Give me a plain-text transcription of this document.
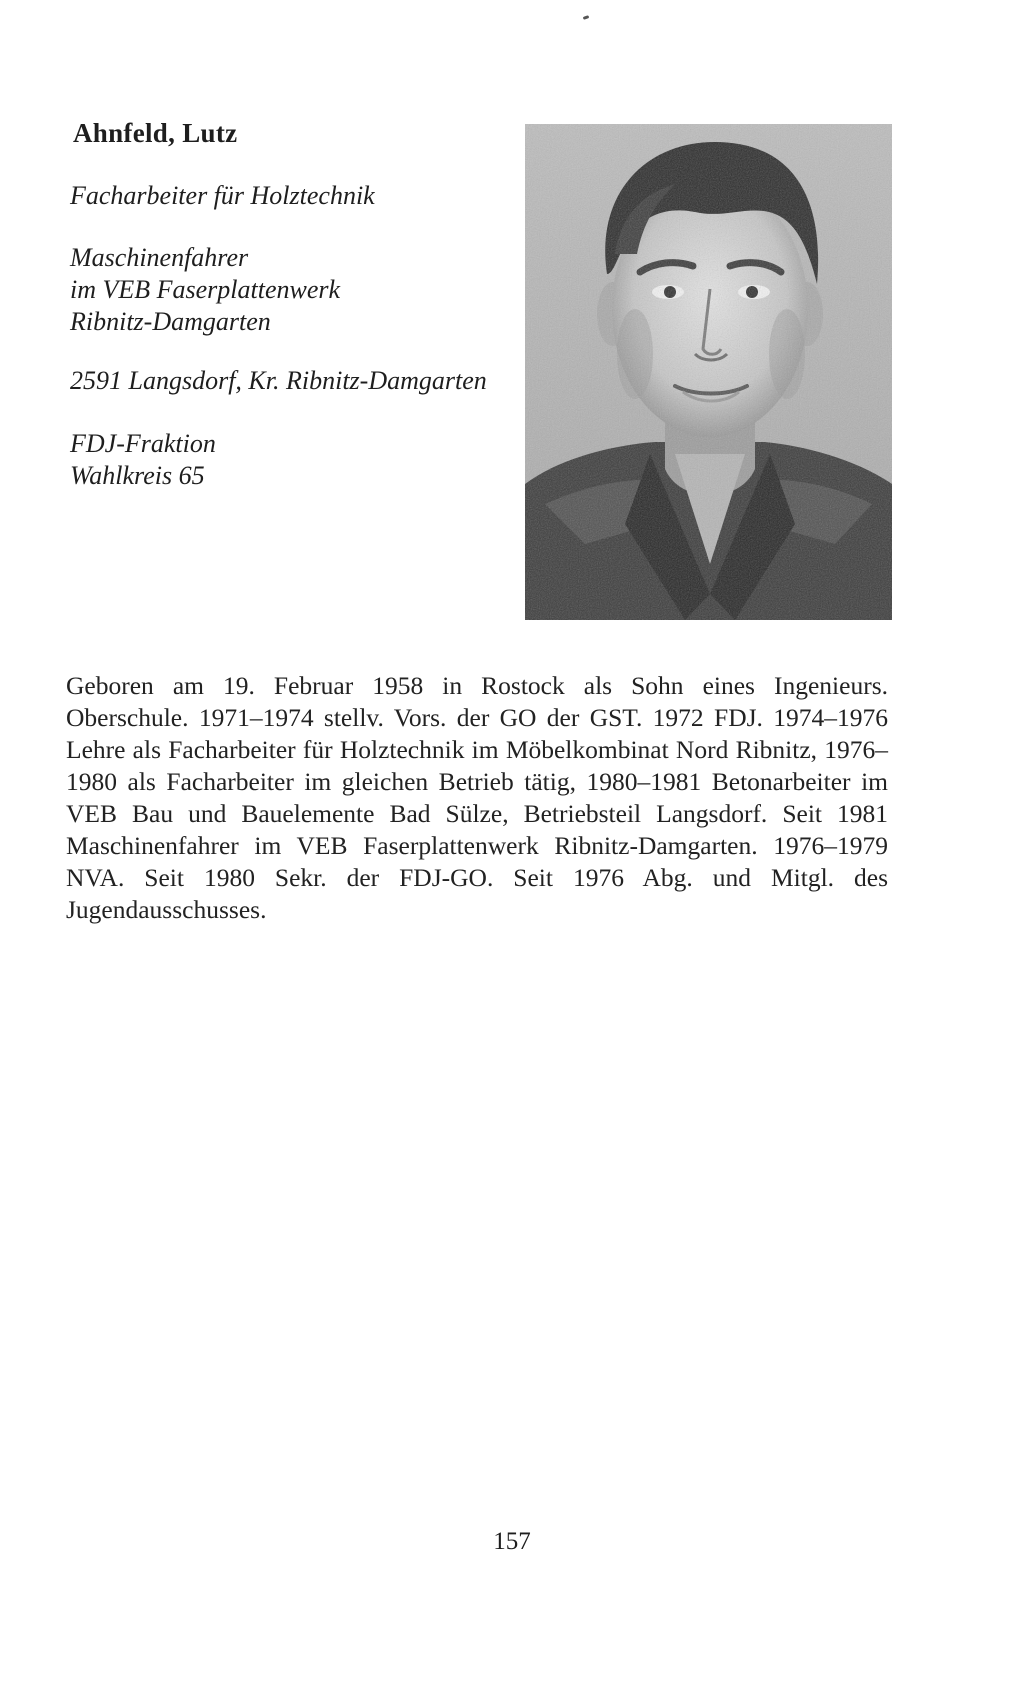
Ahnfeld, Lutz

Facharbeiter für Holztechnik

Maschinenfahrer
im VEB Faserplattenwerk
Ribnitz-Damgarten

2591 Langsdorf, Kr. Ribnitz-Damgarten

FDJ-Fraktion
Wahlkreis 65

Geboren am 19. Februar 1958 in Rostock als Sohn eines Ingenieurs. Oberschule. 1971–1974 stellv. Vors. der GO der GST. 1972 FDJ. 1974–1976 Lehre als Facharbeiter für Holztechnik im Möbelkombinat Nord Ribnitz, 1976–1980 als Facharbeiter im gleichen Betrieb tätig, 1980–1981 Betonarbeiter im VEB Bau und Bauelemente Bad Sülze, Betriebsteil Langsdorf. Seit 1981 Maschinenfahrer im VEB Faserplattenwerk Ribnitz-Damgarten. 1976–1979 NVA. Seit 1980 Sekr. der FDJ-GO. Seit 1976 Abg. und Mitgl. des Jugendausschusses.

157
